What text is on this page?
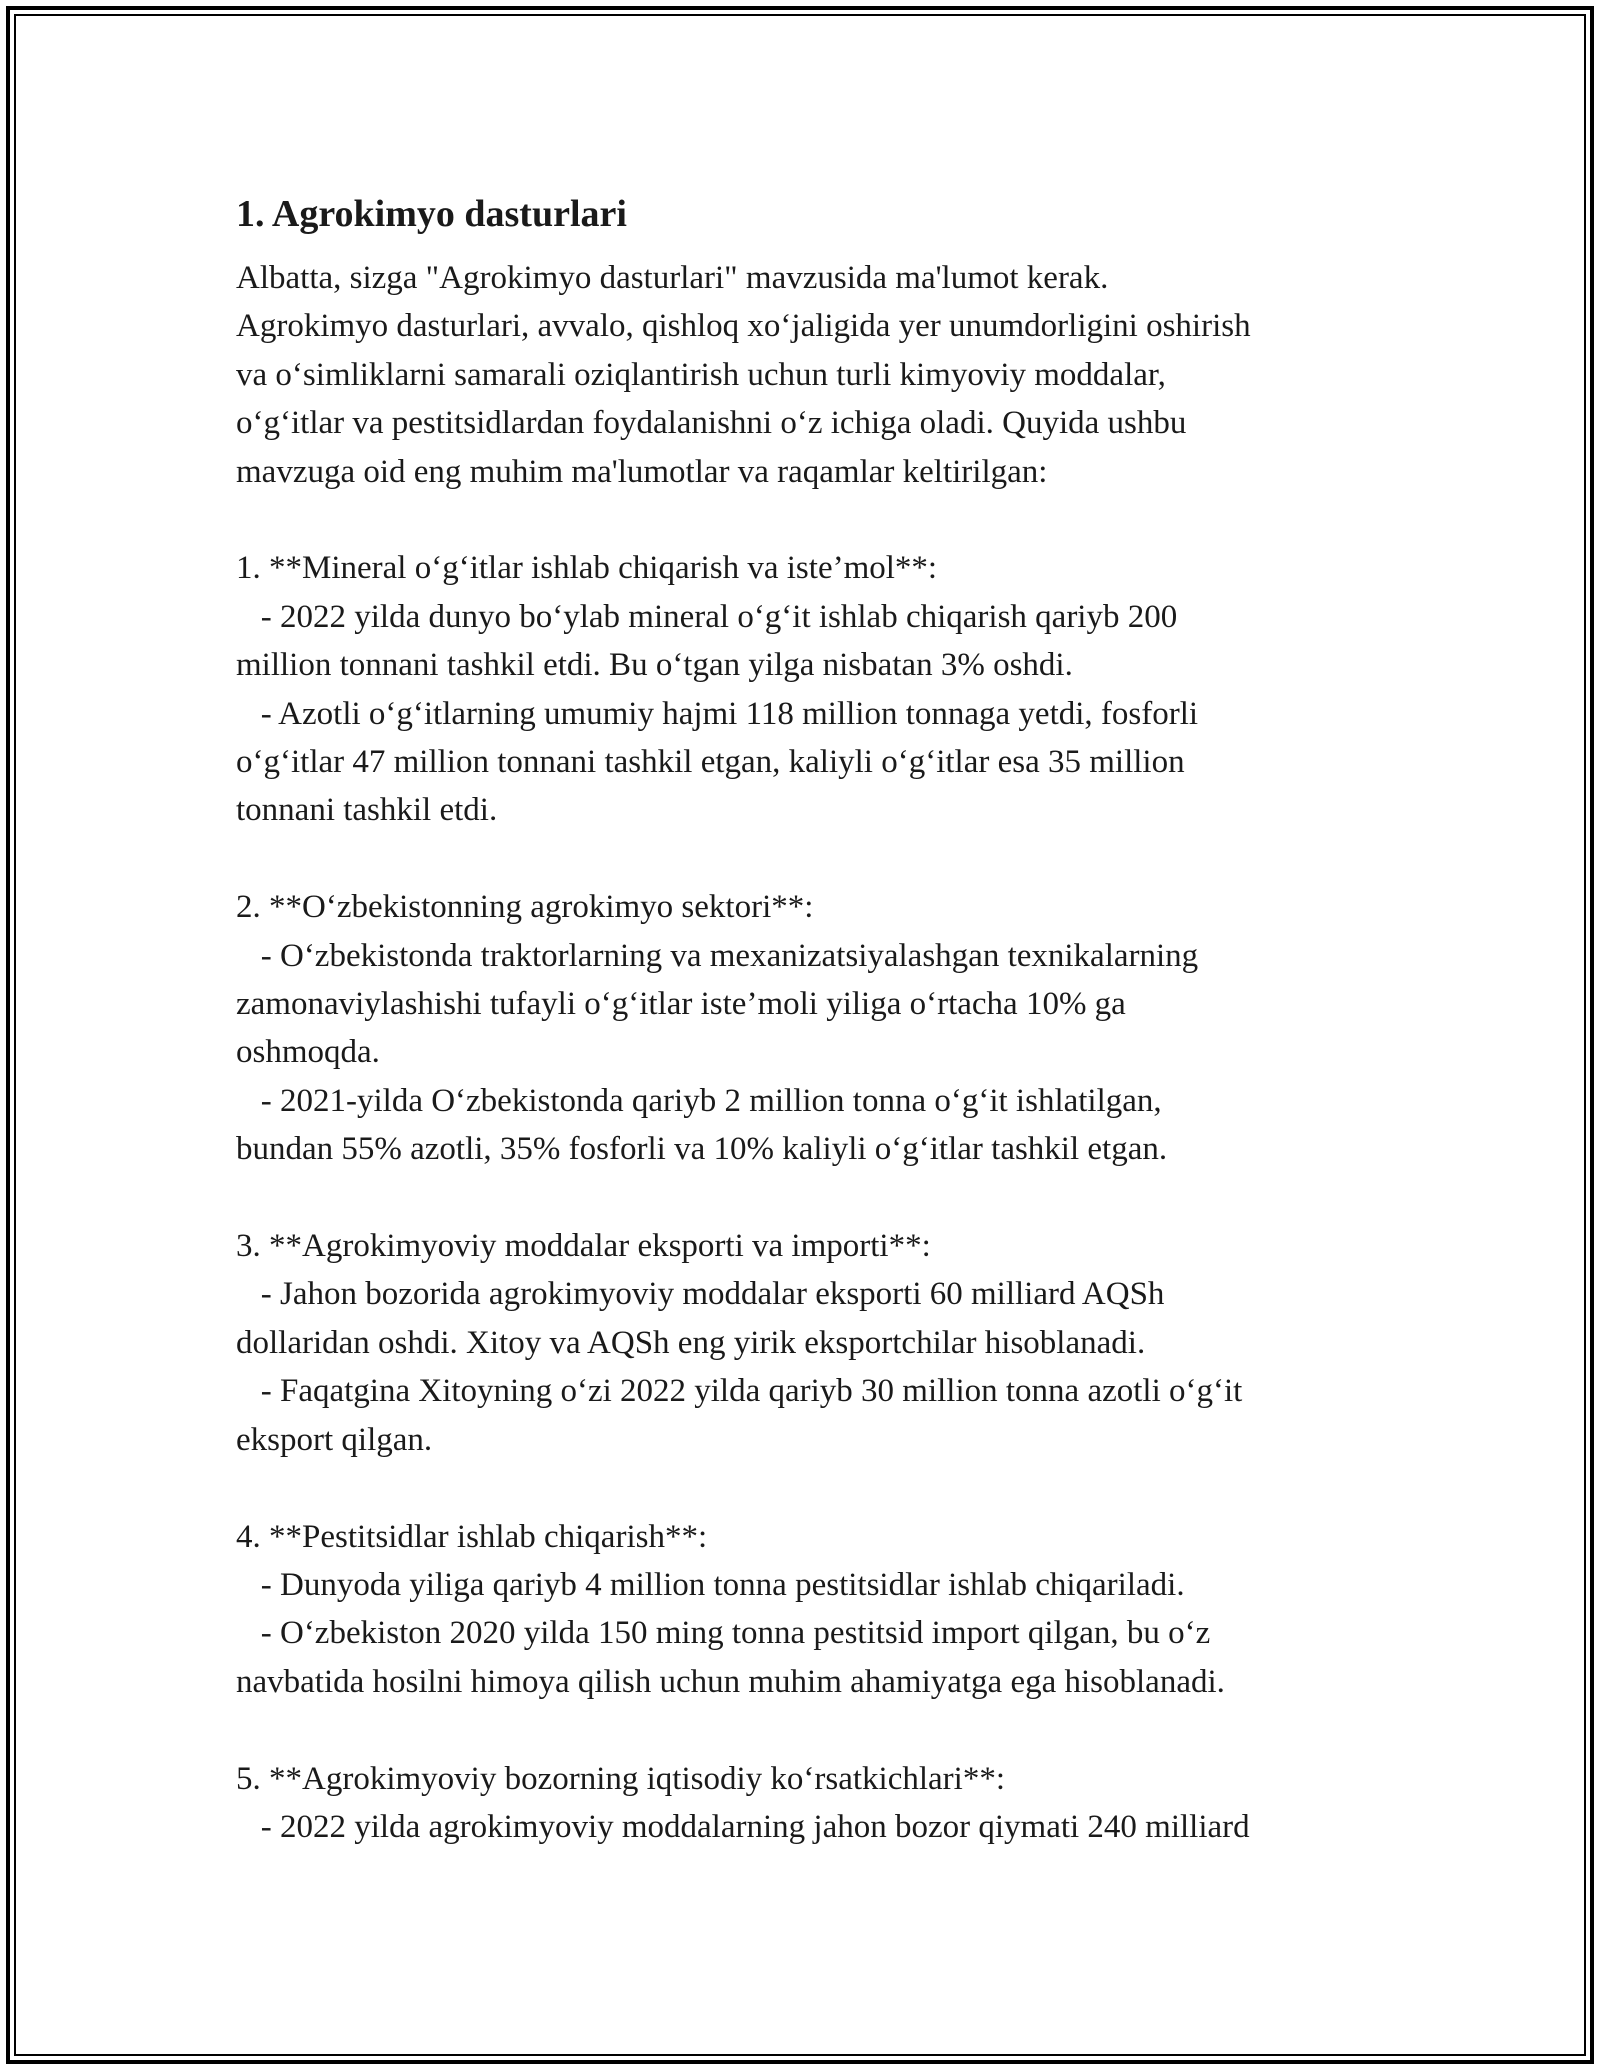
1. Agrokimyo dasturlari
Albatta, sizga "Agrokimyo dasturlari" mavzusida ma'lumot kerak.
Agrokimyo dasturlari, avvalo, qishloq xo‘jaligida yer unumdorligini oshirish
va o‘simliklarni samarali oziqlantirish uchun turli kimyoviy moddalar,
o‘g‘itlar va pestitsidlardan foydalanishni o‘z ichiga oladi. Quyida ushbu
mavzuga oid eng muhim ma'lumotlar va raqamlar keltirilgan:
1. **Mineral o‘g‘itlar ishlab chiqarish va iste’mol**:
- 2022 yilda dunyo bo‘ylab mineral o‘g‘it ishlab chiqarish qariyb 200
million tonnani tashkil etdi. Bu o‘tgan yilga nisbatan 3% oshdi.
- Azotli o‘g‘itlarning umumiy hajmi 118 million tonnaga yetdi, fosforli
o‘g‘itlar 47 million tonnani tashkil etgan, kaliyli o‘g‘itlar esa 35 million
tonnani tashkil etdi.
2. **O‘zbekistonning agrokimyo sektori**:
- O‘zbekistonda traktorlarning va mexanizatsiyalashgan texnikalarning
zamonaviylashishi tufayli o‘g‘itlar iste’moli yiliga o‘rtacha 10% ga
oshmoqda.
- 2021-yilda O‘zbekistonda qariyb 2 million tonna o‘g‘it ishlatilgan,
bundan 55% azotli, 35% fosforli va 10% kaliyli o‘g‘itlar tashkil etgan.
3. **Agrokimyoviy moddalar eksporti va importi**:
- Jahon bozorida agrokimyoviy moddalar eksporti 60 milliard AQSh
dollaridan oshdi. Xitoy va AQSh eng yirik eksportchilar hisoblanadi.
- Faqatgina Xitoyning o‘zi 2022 yilda qariyb 30 million tonna azotli o‘g‘it
eksport qilgan.
4. **Pestitsidlar ishlab chiqarish**:
- Dunyoda yiliga qariyb 4 million tonna pestitsidlar ishlab chiqariladi.
- O‘zbekiston 2020 yilda 150 ming tonna pestitsid import qilgan, bu o‘z
navbatida hosilni himoya qilish uchun muhim ahamiyatga ega hisoblanadi.
5. **Agrokimyoviy bozorning iqtisodiy ko‘rsatkichlari**:
- 2022 yilda agrokimyoviy moddalarning jahon bozor qiymati 240 milliard
